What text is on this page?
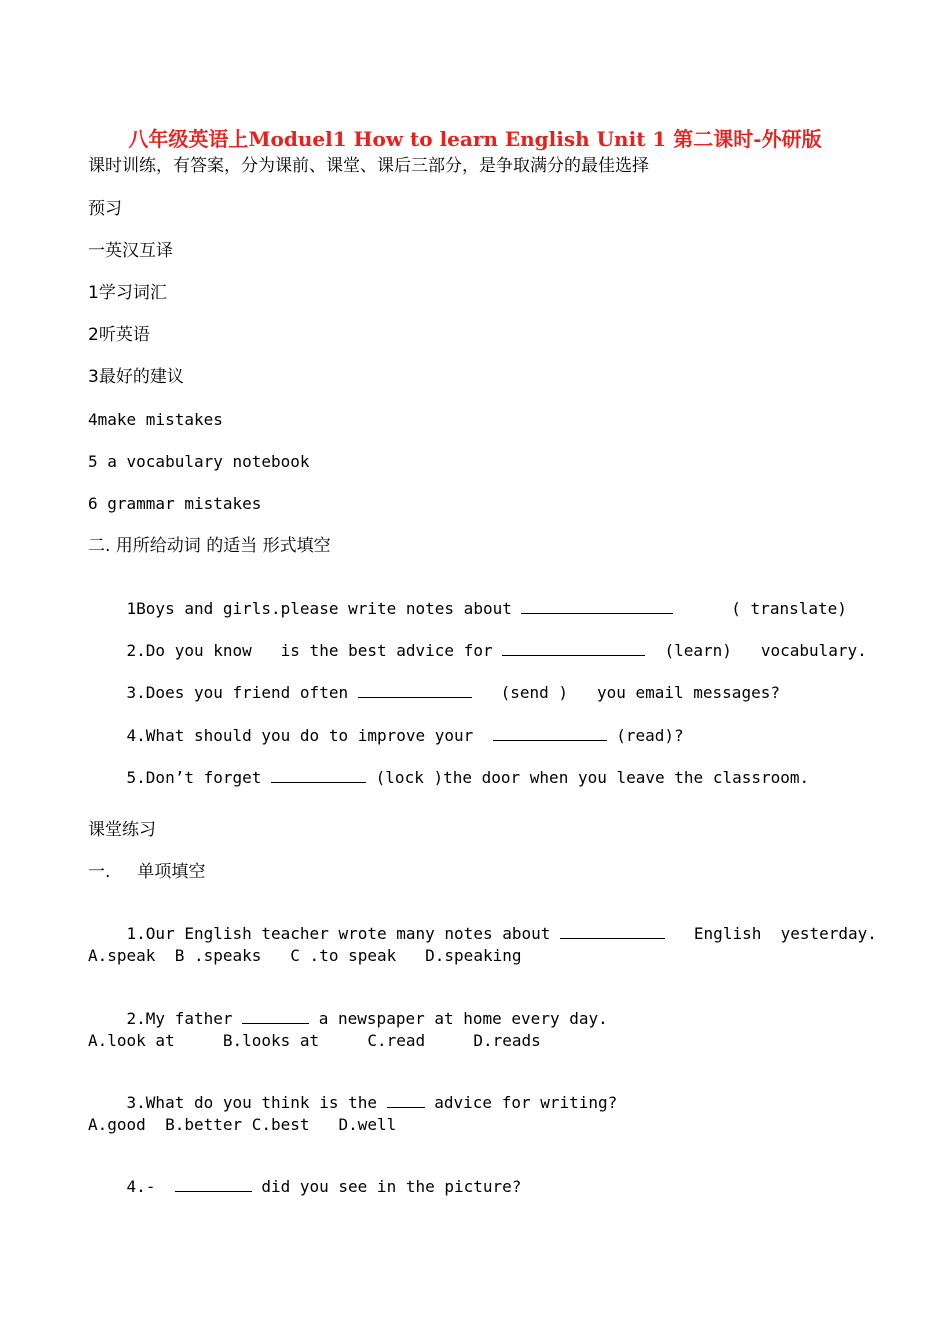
八年级英语上Moduel1 How to learn English Unit 1 第二课时-外研版
课时训练，有答案，分为课前、课堂、课后三部分，是争取满分的最佳选择
预习
一英汉互译
1学习词汇
2听英语
3最好的建议
4make mistakes
5 a vocabulary notebook
6 grammar mistakes
二. 用所给动词 的适当 形式填空

1Boys and girls.please write notes about	( translate)

2.Do you know   is the best advice for	(learn)   vocabulary.

3.Does you friend often	(send )   you email messages?

4.What should you do to improve your	(read)?

5.Don’t forget	(lock )the door when you leave the classroom.

课堂练习
一.     单项填空

1.Our English teacher wrote many notes about	English  yesterday.

A.speak  B .speaks   C .to speak   D.speaking

2.My father	a newspaper at home every day.

A.look at     B.looks at     C.read     D.reads

3.What do you think is the  advice for writing?

A.good  B.better C.best   D.well

4.-	did you see in the picture?
